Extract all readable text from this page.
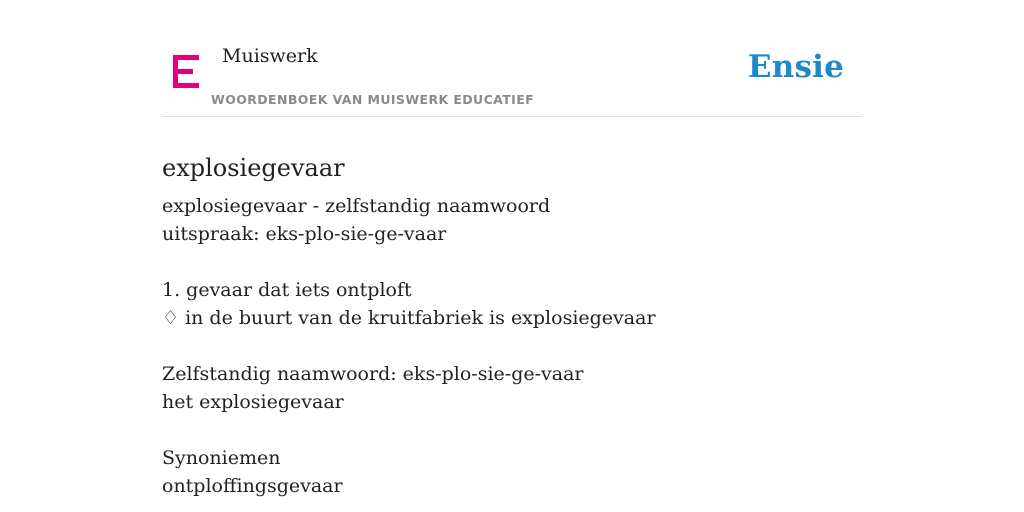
Muiswerk
WOORDENBOEK VAN MUISWERK EDUCATIEF
Ensie
explosiegevaar
explosiegevaar - zelfstandig naamwoord
uitspraak: eks-plo-sie-ge-vaar
1. gevaar dat iets ontploft
♢ in de buurt van de kruitfabriek is explosiegevaar
Zelfstandig naamwoord: eks-plo-sie-ge-vaar
het explosiegevaar
Synoniemen
ontploffingsgevaar
